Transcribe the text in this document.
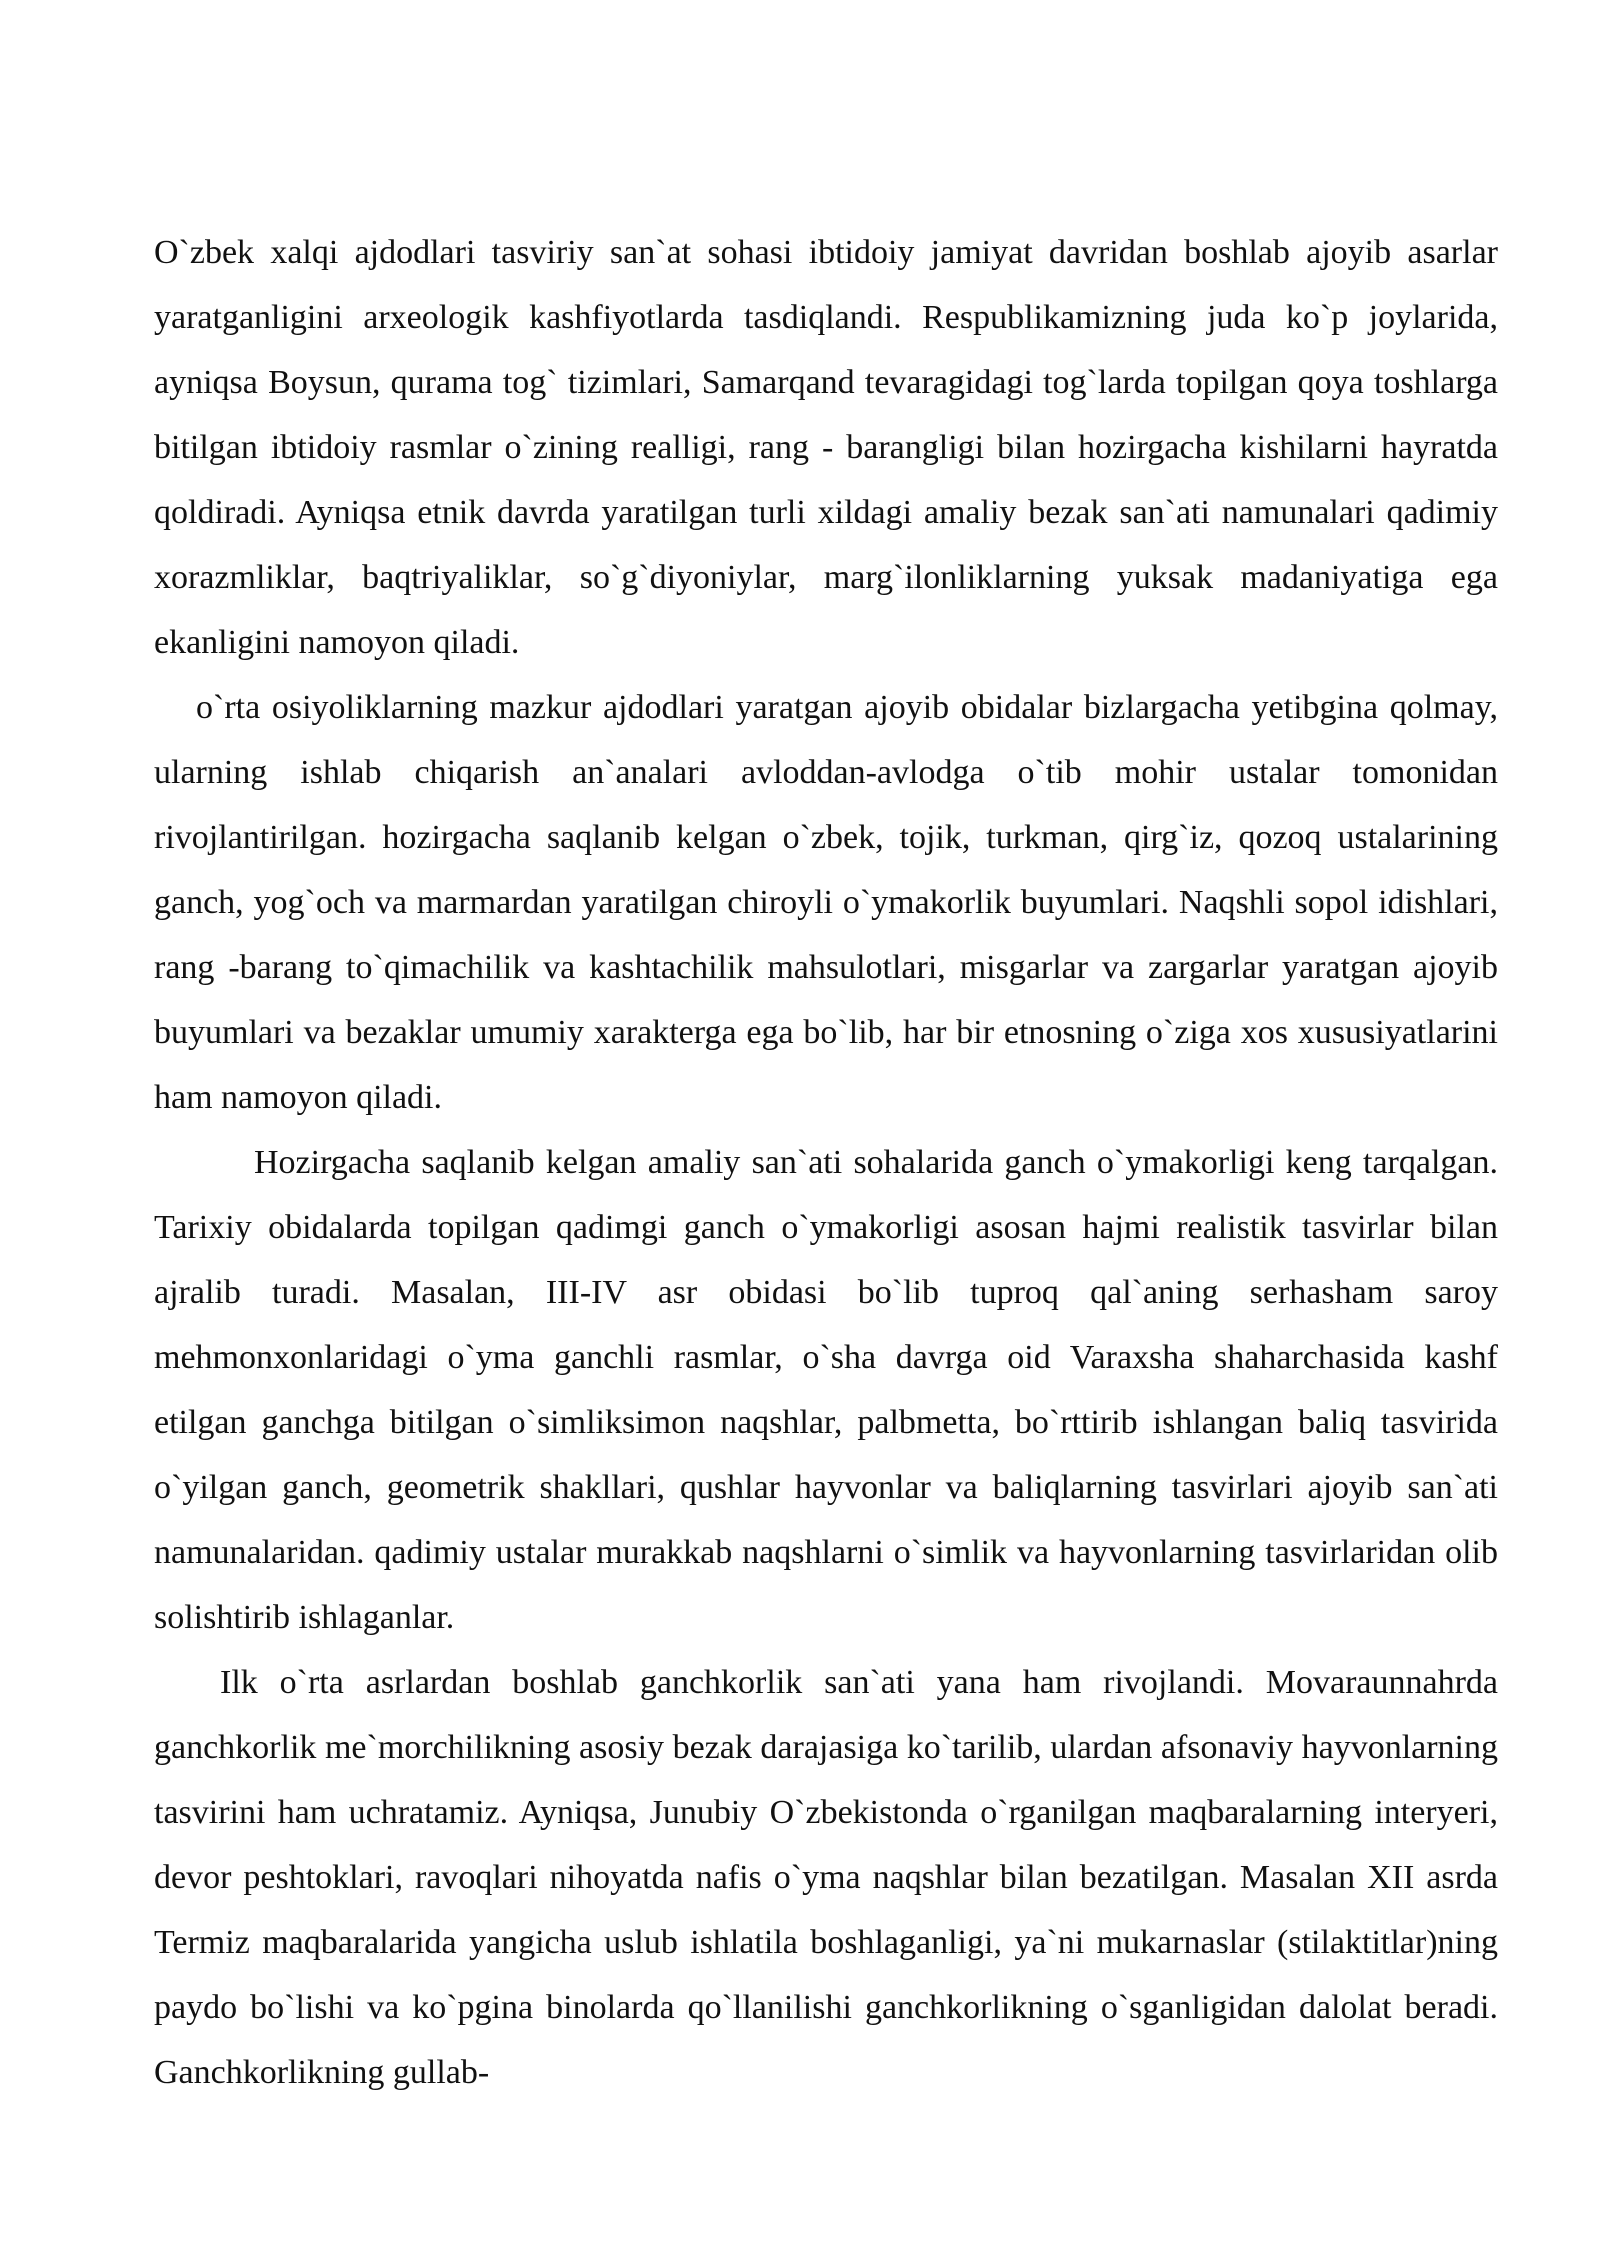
O`zbek xalqi ajdodlari tasviriy san`at sohasi ibtidoiy jamiyat davridan boshlab ajoyib asarlar yaratganligini arxeologik kashfiyotlarda tasdiqlandi. Respublikamizning juda ko`p joylarida, ayniqsa Boysun, qurama tog` tizimlari, Samarqand tevaragidagi tog`larda topilgan qoya toshlarga bitilgan ibtidoiy rasmlar o`zining realligi, rang - barangligi bilan hozirgacha kishilarni hayratda qoldiradi. Ayniqsa etnik davrda yaratilgan turli xildagi amaliy bezak san`ati namunalari qadimiy xorazmliklar, baqtriyaliklar, so`g`diyoniylar, marg`ilonliklarning yuksak madaniyatiga ega ekanligini namoyon qiladi.

o`rta osiyoliklarning mazkur ajdodlari yaratgan ajoyib obidalar bizlargacha yetibgina qolmay, ularning ishlab chiqarish an`analari avloddan-avlodga o`tib mohir ustalar tomonidan rivojlantirilgan. hozirgacha saqlanib kelgan o`zbek, tojik, turkman, qirg`iz, qozoq ustalarining ganch, yog`och va marmardan yaratilgan chiroyli o`ymakorlik buyumlari. Naqshli sopol idishlari, rang -barang to`qimachilik va kashtachilik mahsulotlari, misgarlar va zargarlar yaratgan ajoyib buyumlari va bezaklar umumiy xarakterga ega bo`lib, har bir etnosning o`ziga xos xususiyatlarini ham namoyon qiladi.

Hozirgacha saqlanib kelgan amaliy san`ati sohalarida ganch o`ymakorligi keng tarqalgan. Tarixiy obidalarda topilgan qadimgi ganch o`ymakorligi asosan hajmi realistik tasvirlar bilan ajralib turadi. Masalan, III-IV asr obidasi bo`lib tuproq qal`aning serhasham saroy mehmonxonlaridagi o`yma ganchli rasmlar, o`sha davrga oid Varaxsha shaharchasida kashf etilgan ganchga bitilgan o`simliksimon naqshlar, palbmetta, bo`rttirib ishlangan baliq tasvirida o`yilgan ganch, geometrik shakllari, qushlar hayvonlar va baliqlarning tasvirlari ajoyib san`ati namunalaridan. qadimiy ustalar murakkab naqshlarni o`simlik va hayvonlarning tasvirlaridan olib solishtirib ishlaganlar.

Ilk o`rta asrlardan boshlab ganchkorlik san`ati yana ham rivojlandi. Movaraunnahrda ganchkorlik me`morchilikning asosiy bezak darajasiga ko`tarilib, ulardan afsonaviy hayvonlarning tasvirini ham uchratamiz. Ayniqsa, Junubiy O`zbekistonda o`rganilgan maqbaralarning interyeri, devor peshtoklari, ravoqlari nihoyatda nafis o`yma naqshlar bilan bezatilgan. Masalan XII asrda Termiz maqbaralarida yangicha uslub ishlatila boshlaganligi, ya`ni mukarnaslar (stilaktitlar)ning paydo bo`lishi va ko`pgina binolarda qo`llanilishi ganchkorlikning o`sganligidan dalolat beradi. Ganchkorlikning gullab-
